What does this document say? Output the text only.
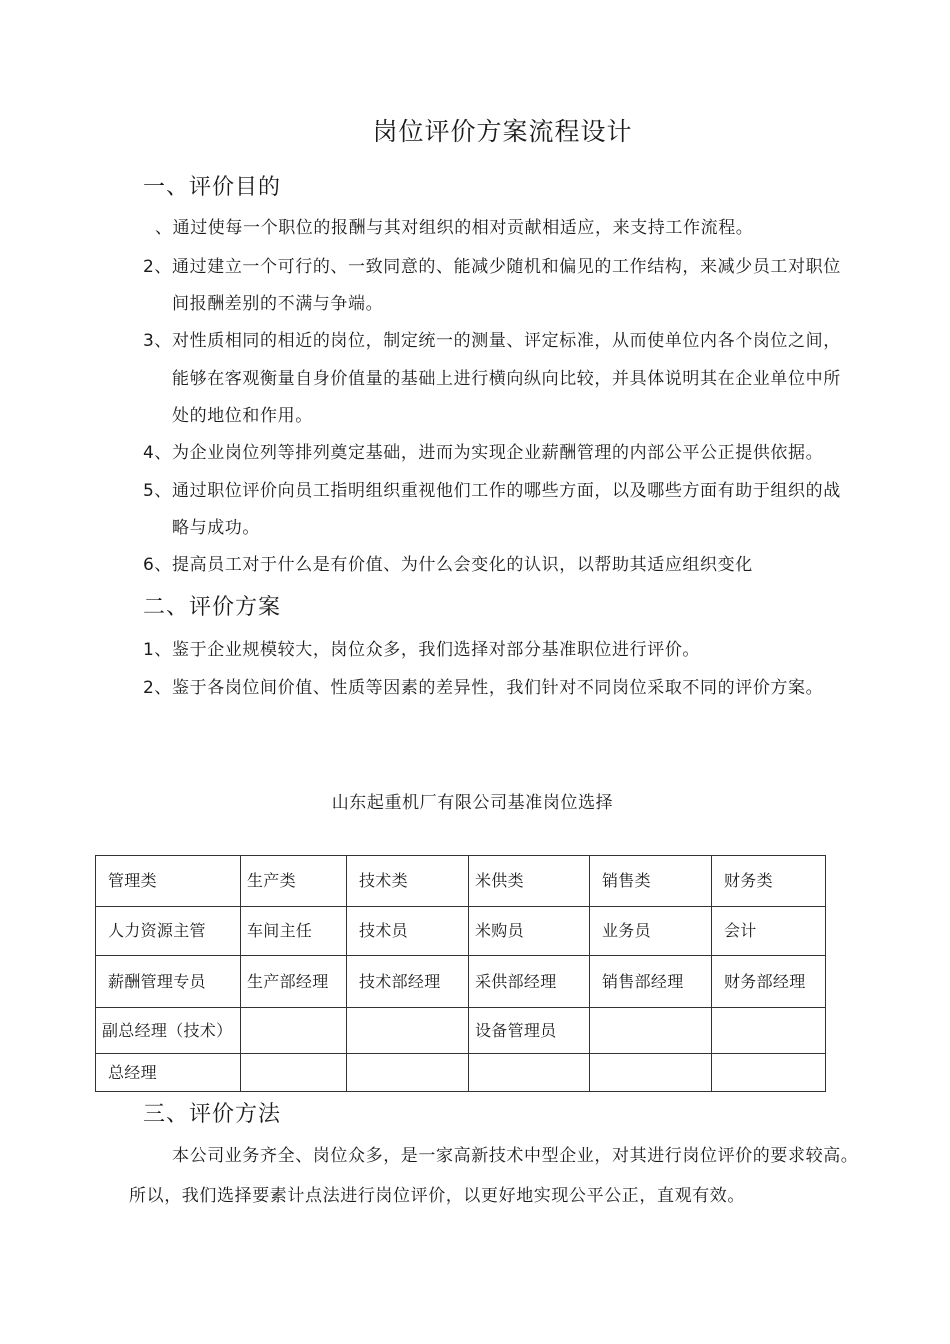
岗位评价方案流程设计
一、评价目的
、通过使每一个职位的报酬与其对组织的相对贡献相适应，来支持工作流程。
2、通过建立一个可行的、一致同意的、能减少随机和偏见的工作结构，来减少员工对职位
间报酬差别的不满与争端。
3、对性质相同的相近的岗位，制定统一的测量、评定标准，从而使单位内各个岗位之间，
能够在客观衡量自身价值量的基础上进行横向纵向比较，并具体说明其在企业单位中所
处的地位和作用。
4、为企业岗位列等排列奠定基础，进而为实现企业薪酬管理的内部公平公正提供依据。
5、通过职位评价向员工指明组织重视他们工作的哪些方面，以及哪些方面有助于组织的战
略与成功。
6、提高员工对于什么是有价值、为什么会变化的认识，以帮助其适应组织变化
二、评价方案
1、鉴于企业规模较大，岗位众多，我们选择对部分基准职位进行评价。
2、鉴于各岗位间价值、性质等因素的差异性，我们针对不同岗位采取不同的评价方案。
山东起重机厂有限公司基准岗位选择
管理类	生产类	技术类	米供类	销售类	财务类
人力资源主管	车间主任	技术员	米购员	业务员	会计
薪酬管理专员	生产部经理	技术部经理	采供部经理	销售部经理	财务部经理
副总经理（技术）			设备管理员		
总经理					
三、评价方法
本公司业务齐全、岗位众多，是一家高新技术中型企业，对其进行岗位评价的要求较高。
所以，我们选择要素计点法进行岗位评价，以更好地实现公平公正，直观有效。
